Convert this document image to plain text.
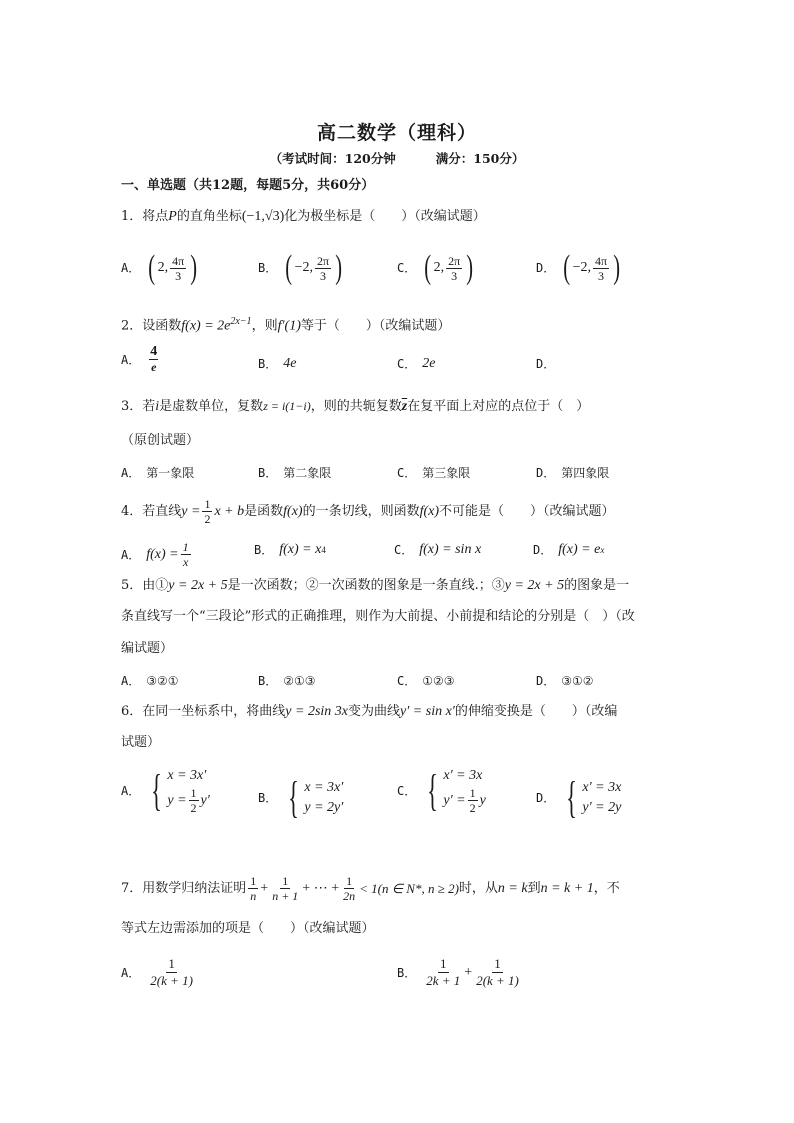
高二数学（理科）
（考试时间：120分钟	满分：150分）
一、单选题（共12题，每题5分，共60分）
1．将点P的直角坐标(−1,√3)化为极坐标是（　　）（改编试题）
A． ( 2 , $\frac{4\pi}{3}$ )	B． ( −2 , $\frac{2\pi}{3}$ )	C． ( 2 , $\frac{2\pi}{3}$ )	D． ( −2 , $\frac{4\pi}{3}$ )
2．设函数$f(x) = 2e^{2x-1}$，则f′(1)等于（　　）（改编试题）
A． $\frac{4}{e}$	B． 4e	C． 2e	D．
3．若i是虚数单位，复数z = i(1−i)，则的共轭复数$\overline{z}$在复平面上对应的点位于（　）
（原创试题）
A． 第一象限	B． 第二象限	C． 第三象限	D． 第四象限
4．若直线 $y = \frac{1}{2}$ x + b 是函数 f(x) 的一条切线，则函数 f(x) 不可能是（　　）（改编试题）
A． $f(x) = \frac{1}{x}$	B． f(x) = x 4	C． f(x) = sin x	D． f(x) = e x
5．由①y = 2x + 5是一次函数；②一次函数的图象是一条直线.；③y = 2x + 5的图象是一
条直线写一个“三段论”形式的正确推理，则作为大前提、小前提和结论的分别是（　）（改
编试题）
A． ③②①	B． ②①③	C． ①②③	D． ③①②
6．在同一坐标系中，将曲线y = 2sin 3x变为曲线y′ = sin x′的伸缩变换是（　　）（改编
试题）
A． { x = 3x′
$y = \frac{1}{2} y'$	B． { x = 3x′
y = 2y′
C． { x′ = 3x
$y' = \frac{1}{2}$ y	D． { x′ = 3x
y′ = 2y
7．用数学归纳法证明 $\frac{1}{n} + \frac{1}{n + 1}$ + ⋯ + $\frac{1}{2n} < 1(n$ ∈ N*, n ≥ 2) 时，从 n = k 到 n = k + 1 ，不
等式左边需添加的项是（　　）（改编试题）
A． $\frac{1}{2(k + 1)}$	B． $\frac{1}{2k + 1} + \frac{1}{2(k + 1)}$
